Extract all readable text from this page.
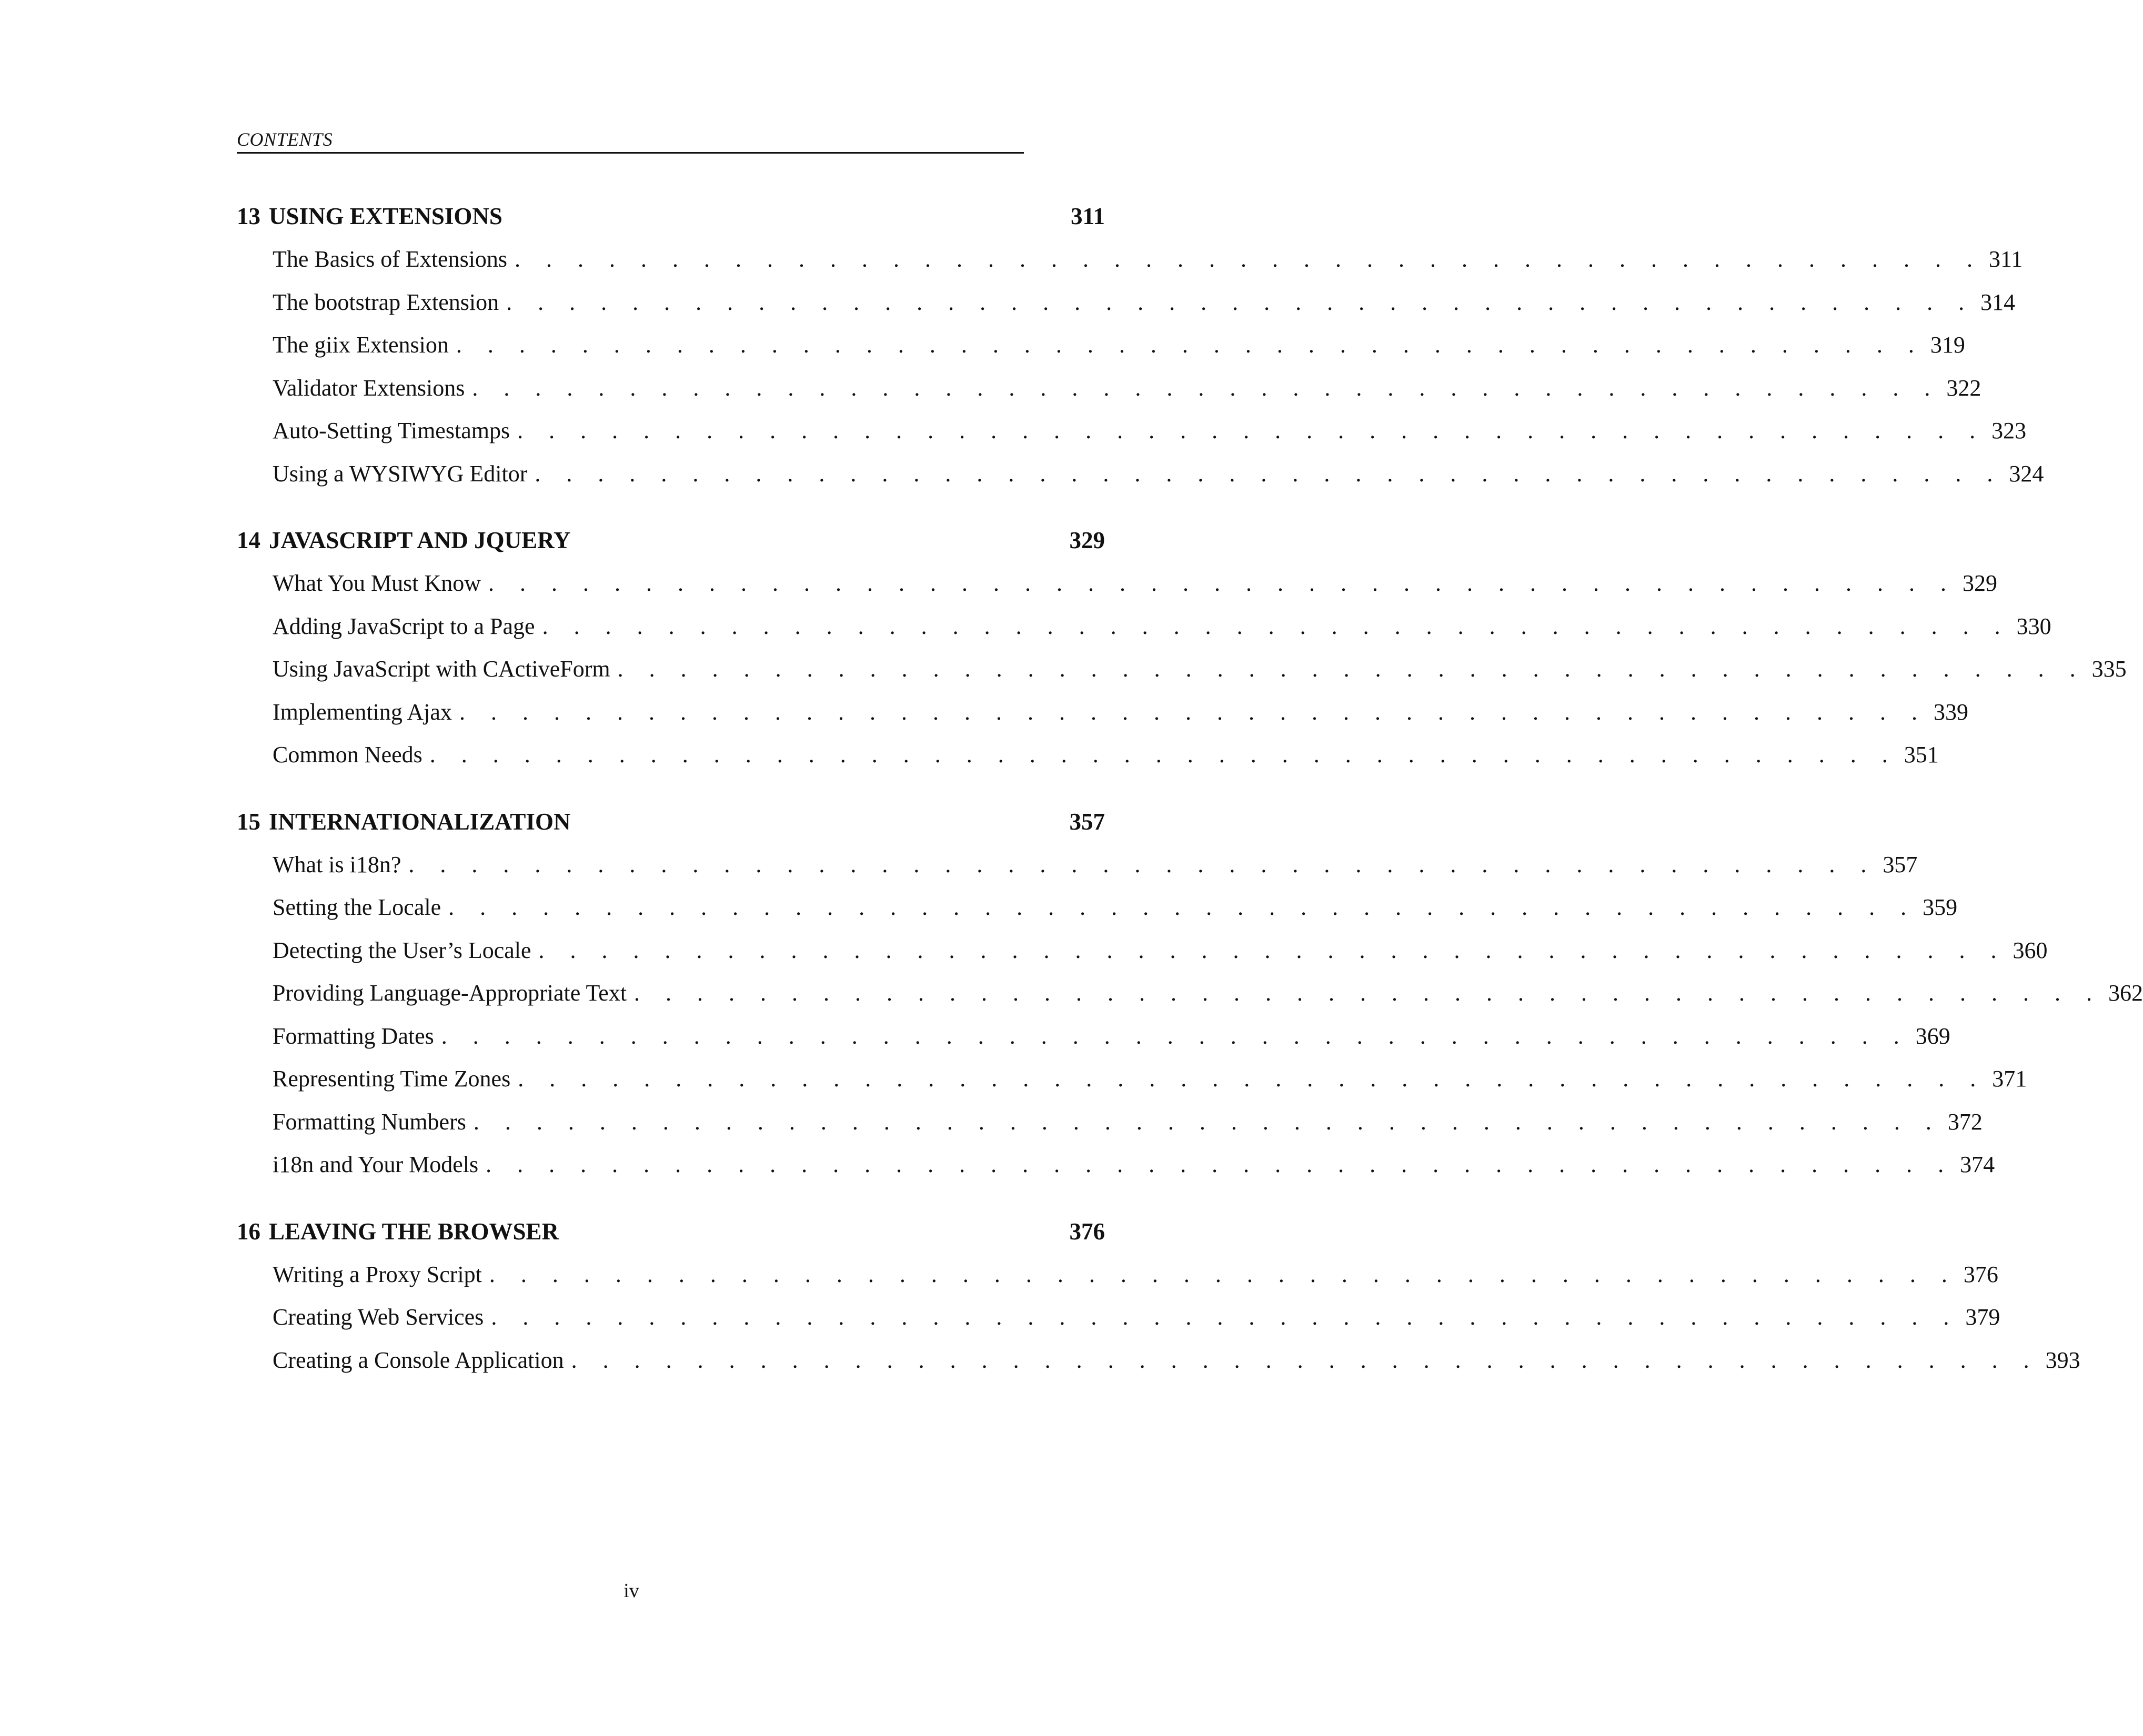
CONTENTS
13 USING EXTENSIONS	311
The Basics of Extensions . . . . . . . . . . . . . . . . . . . . . . . . . . . . . . . . . . . . . . . . . . . . . . . 311
The bootstrap Extension . . . . . . . . . . . . . . . . . . . . . . . . . . . . . . . . . . . . . . . . . . . . . . . 314
The giix Extension . . . . . . . . . . . . . . . . . . . . . . . . . . . . . . . . . . . . . . . . . . . . . . . 319
Validator Extensions . . . . . . . . . . . . . . . . . . . . . . . . . . . . . . . . . . . . . . . . . . . . . . . 322
Auto-Setting Timestamps . . . . . . . . . . . . . . . . . . . . . . . . . . . . . . . . . . . . . . . . . . . . . . . 323
Using a WYSIWYG Editor . . . . . . . . . . . . . . . . . . . . . . . . . . . . . . . . . . . . . . . . . . . . . . . 324
14 JAVASCRIPT AND JQUERY	329
What You Must Know . . . . . . . . . . . . . . . . . . . . . . . . . . . . . . . . . . . . . . . . . . . . . . . 329
Adding JavaScript to a Page . . . . . . . . . . . . . . . . . . . . . . . . . . . . . . . . . . . . . . . . . . . . . . . 330
Using JavaScript with CActiveForm . . . . . . . . . . . . . . . . . . . . . . . . . . . . . . . . . . . . . . . . . . . . . . . 335
Implementing Ajax . . . . . . . . . . . . . . . . . . . . . . . . . . . . . . . . . . . . . . . . . . . . . . . 339
Common Needs . . . . . . . . . . . . . . . . . . . . . . . . . . . . . . . . . . . . . . . . . . . . . . . 351
15 INTERNATIONALIZATION	357
What is i18n? . . . . . . . . . . . . . . . . . . . . . . . . . . . . . . . . . . . . . . . . . . . . . . . 357
Setting the Locale . . . . . . . . . . . . . . . . . . . . . . . . . . . . . . . . . . . . . . . . . . . . . . . 359
Detecting the User’s Locale . . . . . . . . . . . . . . . . . . . . . . . . . . . . . . . . . . . . . . . . . . . . . . . 360
Providing Language-Appropriate Text . . . . . . . . . . . . . . . . . . . . . . . . . . . . . . . . . . . . . . . . . . . . . . . 362
Formatting Dates . . . . . . . . . . . . . . . . . . . . . . . . . . . . . . . . . . . . . . . . . . . . . . . 369
Representing Time Zones . . . . . . . . . . . . . . . . . . . . . . . . . . . . . . . . . . . . . . . . . . . . . . . 371
Formatting Numbers . . . . . . . . . . . . . . . . . . . . . . . . . . . . . . . . . . . . . . . . . . . . . . . 372
i18n and Your Models . . . . . . . . . . . . . . . . . . . . . . . . . . . . . . . . . . . . . . . . . . . . . . . 374
16 LEAVING THE BROWSER	376
Writing a Proxy Script . . . . . . . . . . . . . . . . . . . . . . . . . . . . . . . . . . . . . . . . . . . . . . . 376
Creating Web Services . . . . . . . . . . . . . . . . . . . . . . . . . . . . . . . . . . . . . . . . . . . . . . . 379
Creating a Console Application . . . . . . . . . . . . . . . . . . . . . . . . . . . . . . . . . . . . . . . . . . . . . . . 393
iv
